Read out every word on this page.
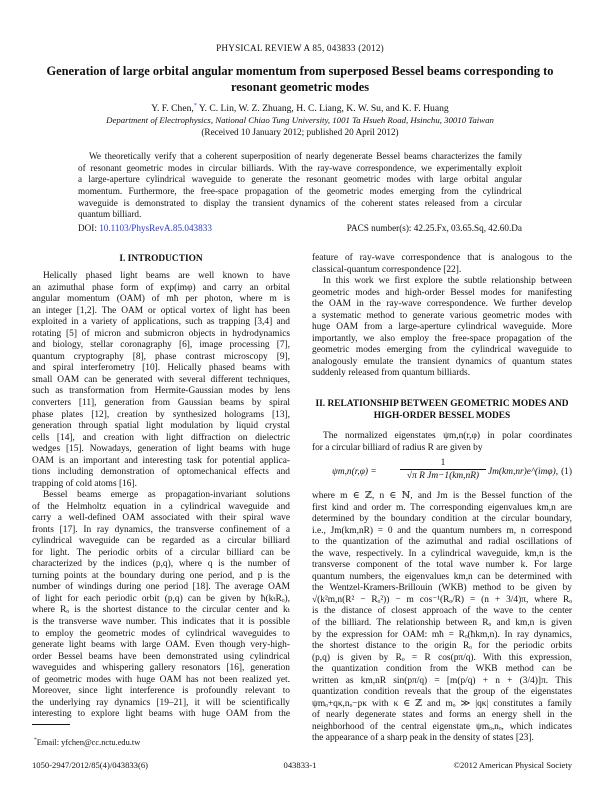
PHYSICAL REVIEW A 85, 043833 (2012)
Generation of large orbital angular momentum from superposed Bessel beams corresponding to
resonant geometric modes
Y. F. Chen,* Y. C. Lin, W. Z. Zhuang, H. C. Liang, K. W. Su, and K. F. Huang
Department of Electrophysics, National Chiao Tung University, 1001 Ta Hsueh Road, Hsinchu, 30010 Taiwan
(Received 10 January 2012; published 20 April 2012)
We theoretically verify that a coherent superposition of nearly degenerate Bessel beams characterizes the family
of resonant geometric modes in circular billiards. With the ray-wave correspondence, we experimentally exploit
a large-aperture cylindrical waveguide to generate the resonant geometric modes with large orbital angular
momentum. Furthermore, the free-space propagation of the geometric modes emerging from the cylindrical
waveguide is demonstrated to display the transient dynamics of the coherent states released from a circular
quantum billiard.
DOI: 10.1103/PhysRevA.85.043833	PACS number(s): 42.25.Fx, 03.65.Sq, 42.60.Da
I. INTRODUCTION
Helically phased light beams are well known to have
an azimuthal phase form of exp(imφ) and carry an orbital
angular momentum (OAM) of mħ per photon, where m is
an integer [1,2]. The OAM or optical vortex of light has been
exploited in a variety of applications, such as trapping [3,4] and
rotating [5] of micron and submicron objects in hydrodynamics
and biology, stellar coronagraphy [6], image processing [7],
quantum cryptography [8], phase contrast microscopy [9],
and spiral interferometry [10]. Helically phased beams with
small OAM can be generated with several different techniques,
such as transformation from Hermite-Gaussian modes by lens
converters [11], generation from Gaussian beams by spiral
phase plates [12], creation by synthesized holograms [13],
generation through spatial light modulation by liquid crystal
cells [14], and creation with light diffraction on dielectric
wedges [15]. Nowadays, generation of light beams with huge
OAM is an important and interesting task for potential applica-
tions including demonstration of optomechanical effects and
trapping of cold atoms [16].
Bessel beams emerge as propagation-invariant solutions
of the Helmholtz equation in a cylindrical waveguide and
carry a well-defined OAM associated with their spiral wave
fronts [17]. In ray dynamics, the transverse confinement of a
cylindrical waveguide can be regarded as a circular billiard
for light. The periodic orbits of a circular billiard can be
characterized by the indices (p,q), where q is the number of
turning points at the boundary during one period, and p is the
number of windings during one period [18]. The average OAM
of light for each periodic orbit (p,q) can be given by ħ(kₜRₒ),
where Rₒ is the shortest distance to the circular center and kₜ
is the transverse wave number. This indicates that it is possible
to employ the geometric modes of cylindrical waveguides to
generate light beams with large OAM. Even though very-high-
order Bessel beams have been demonstrated using cylindrical
waveguides and whispering gallery resonators [16], generation
of geometric modes with huge OAM has not been realized yet.
Moreover, since light interference is profoundly relevant to
the underlying ray dynamics [19–21], it will be scientifically
interesting to explore light beams with huge OAM from the
feature of ray-wave correspondence that is analogous to the
classical-quantum correspondence [22].
In this work we first explore the subtle relationship between
geometric modes and high-order Bessel modes for manifesting
the OAM in the ray-wave correspondence. We further develop
a systematic method to generate various geometric modes with
huge OAM from a large-aperture cylindrical waveguide. More
importantly, we also employ the free-space propagation of the
geometric modes emerging from the cylindrical waveguide to
analogously emulate the transient dynamics of quantum states
suddenly released from quantum billiards.
II. RELATIONSHIP BETWEEN GEOMETRIC MODES AND
HIGH-ORDER BESSEL MODES
The normalized eigenstates ψm,n(r,φ) in polar coordinates
for a circular billiard of radius R are given by
$\psi m,n(r,\varphi) = \frac{1}{\text{√π R Jm−1(km,nR)}}$ Jm(km,nr)e^(imφ), (1)
where m ∈ ℤ, n ∈ ℕ, and Jm is the Bessel function of the
first kind and order m. The corresponding eigenvalues km,n are
determined by the boundary condition at the circular boundary,
i.e., Jm(km,nR) = 0 and the quantum numbers m, n correspond
to the quantization of the azimuthal and radial oscillations of
the wave, respectively. In a cylindrical waveguide, km,n is the
transverse component of the total wave number k. For large
quantum numbers, the eigenvalues km,n can be determined with
the Wentzel-Kramers-Brillouin (WKB) method to be given by
√(k²m,n(R² − Rₒ²)) − m cos⁻¹(Rₒ/R) = (n + 3/4)π, where Rₒ
is the distance of closest approach of the wave to the center
of the billiard. The relationship between Rₒ and km,n is given
by the expression for OAM: mħ = Rₒ(ħkm,n). In ray dynamics,
the shortest distance to the origin Rₒ for the periodic orbits
(p,q) is given by Rₒ = R cos(pπ/q). With this expression,
the quantization condition from the WKB method can be
written as km,nR sin(pπ/q) = [m(p/q) + n + (3/4)]π. This
quantization condition reveals that the group of the eigenstates
ψmₒ+qκ,nₒ−pκ with κ ∈ ℤ and mₒ ≫ |qκ| constitutes a family
of nearly degenerate states and forms an energy shell in the
neighborhood of the central eigenstate ψmₒ,nₒ, which indicates
the appearance of a sharp peak in the density of states [23].
*Email: yfchen@cc.nctu.edu.tw
1050-2947/2012/85(4)/043833(6)	043833-1	©2012 American Physical Society
